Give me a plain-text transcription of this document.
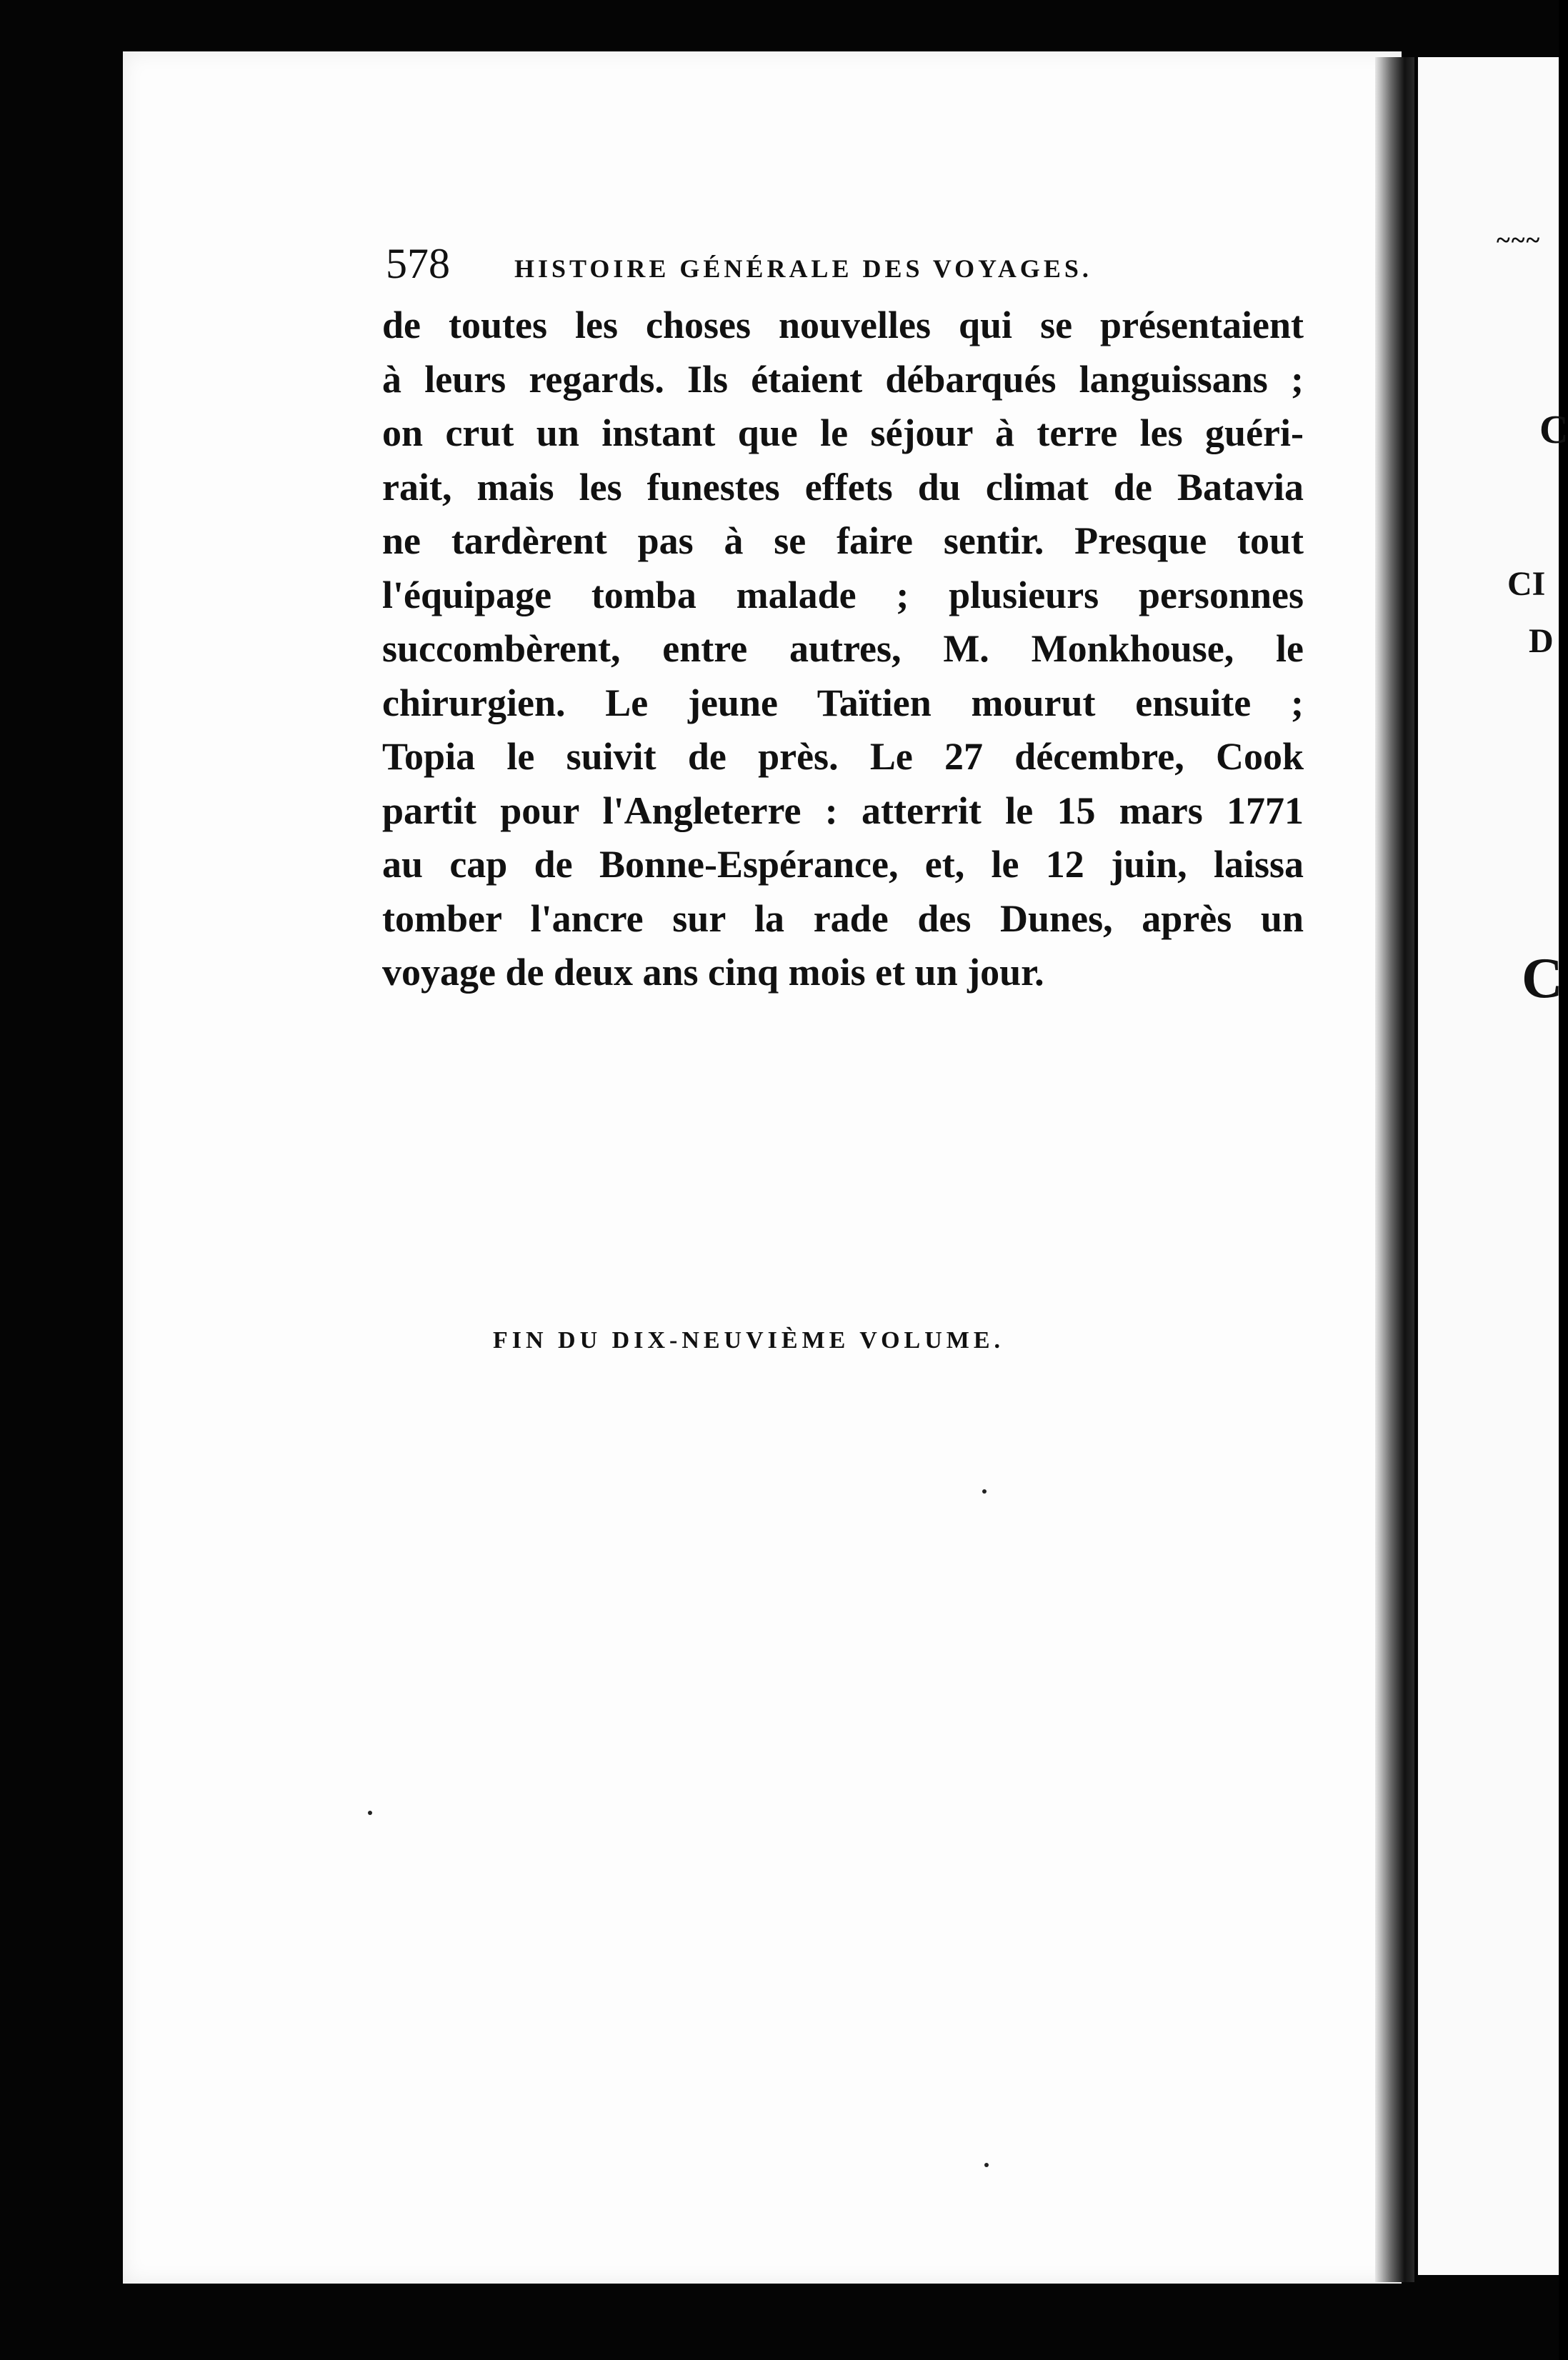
578	HISTOIRE GÉNÉRALE DES VOYAGES.
de toutes les choses nouvelles qui se présentaient
à leurs regards. Ils étaient débarqués languissans ;
on crut un instant que le séjour à terre les guéri-
rait, mais les funestes effets du climat de Batavia
ne tardèrent pas à se faire sentir. Presque tout
l'équipage tomba malade ; plusieurs personnes
succombèrent, entre autres, M. Monkhouse, le
chirurgien. Le jeune Taïtien mourut ensuite ;
Topia le suivit de près. Le 27 décembre, Cook
partit pour l'Angleterre : atterrit le 15 mars 1771
au cap de Bonne-Espérance, et, le 12 juin, laissa
tomber l'ancre sur la rade des Dunes, après un
voyage de deux ans cinq mois et un jour.
FIN DU DIX-NEUVIÈME VOLUME.
~~~
C
CI
D
C
